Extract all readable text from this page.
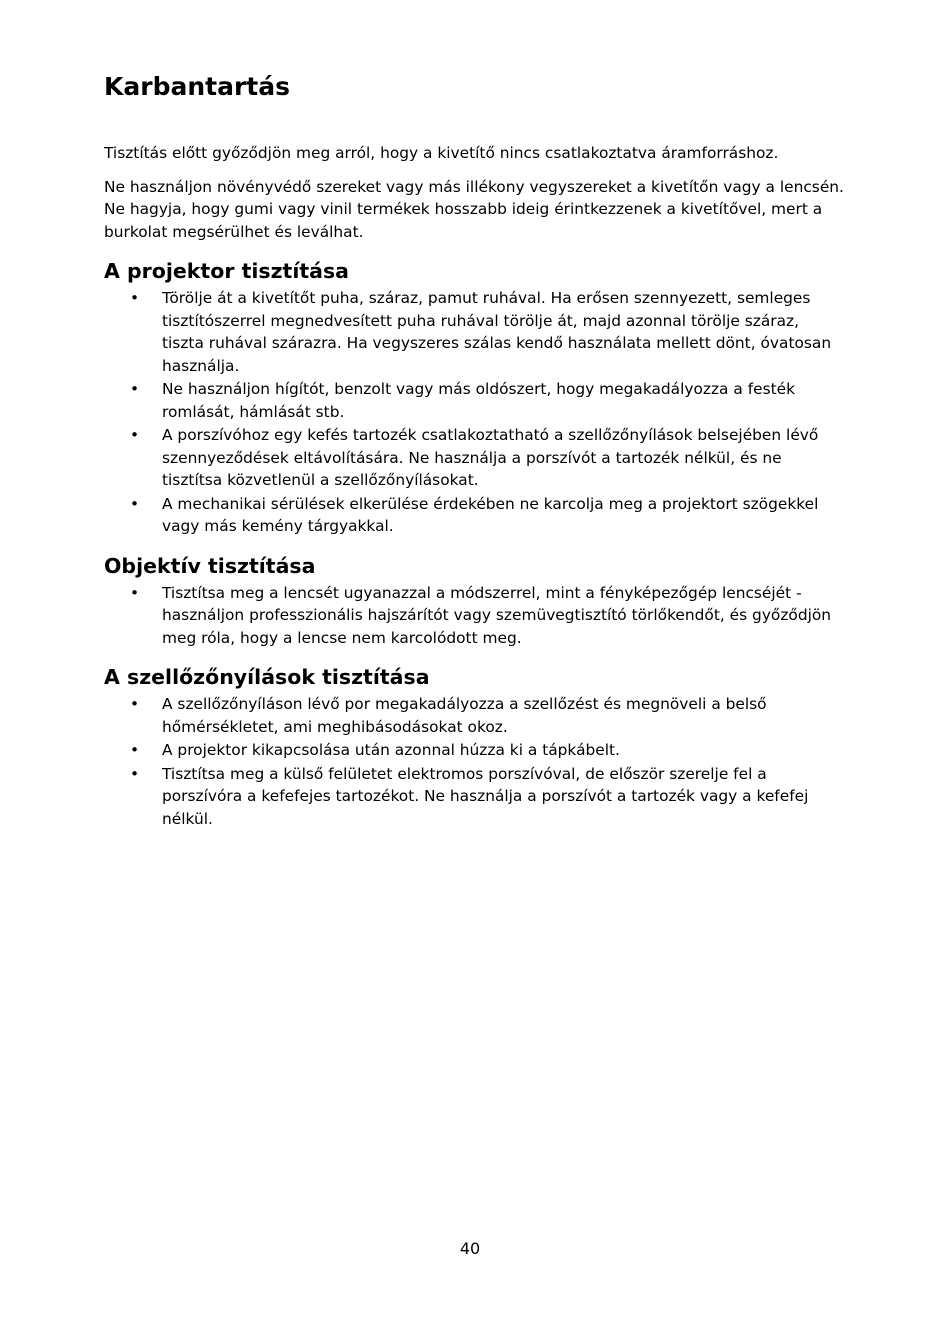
Karbantartás

Tisztítás előtt győződjön meg arról, hogy a kivetítő nincs csatlakoztatva áramforráshoz.

Ne használjon növényvédő szereket vagy más illékony vegyszereket a kivetítőn vagy a lencsén. Ne hagyja, hogy gumi vagy vinil termékek hosszabb ideig érintkezzenek a kivetítővel, mert a burkolat megsérülhet és leválhat.

A projektor tisztítása
• Törölje át a kivetítőt puha, száraz, pamut ruhával. Ha erősen szennyezett, semleges tisztítószerrel megnedvesített puha ruhával törölje át, majd azonnal törölje száraz, tiszta ruhával szárazra. Ha vegyszeres szálas kendő használata mellett dönt, óvatosan használja.
• Ne használjon hígítót, benzolt vagy más oldószert, hogy megakadályozza a festék romlását, hámlását stb.
• A porszívóhoz egy kefés tartozék csatlakoztatható a szellőzőnyílások belsejében lévő szennyeződések eltávolítására. Ne használja a porszívót a tartozék nélkül, és ne tisztítsa közvetlenül a szellőzőnyílásokat.
• A mechanikai sérülések elkerülése érdekében ne karcolja meg a projektort szögekkel vagy más kemény tárgyakkal.
Objektív tisztítása
• Tisztítsa meg a lencsét ugyanazzal a módszerrel, mint a fényképezőgép lencséjét - használjon professzionális hajszárítót vagy szemüvegtisztító törlőkendőt, és győződjön meg róla, hogy a lencse nem karcolódott meg.
A szellőzőnyílások tisztítása
• A szellőzőnyíláson lévő por megakadályozza a szellőzést és megnöveli a belső hőmérsékletet, ami meghibásodásokat okoz.
• A projektor kikapcsolása után azonnal húzza ki a tápkábelt.
• Tisztítsa meg a külső felületet elektromos porszívóval, de először szerelje fel a porszívóra a kefefejes tartozékot. Ne használja a porszívót a tartozék vagy a kefefej nélkül.
40
